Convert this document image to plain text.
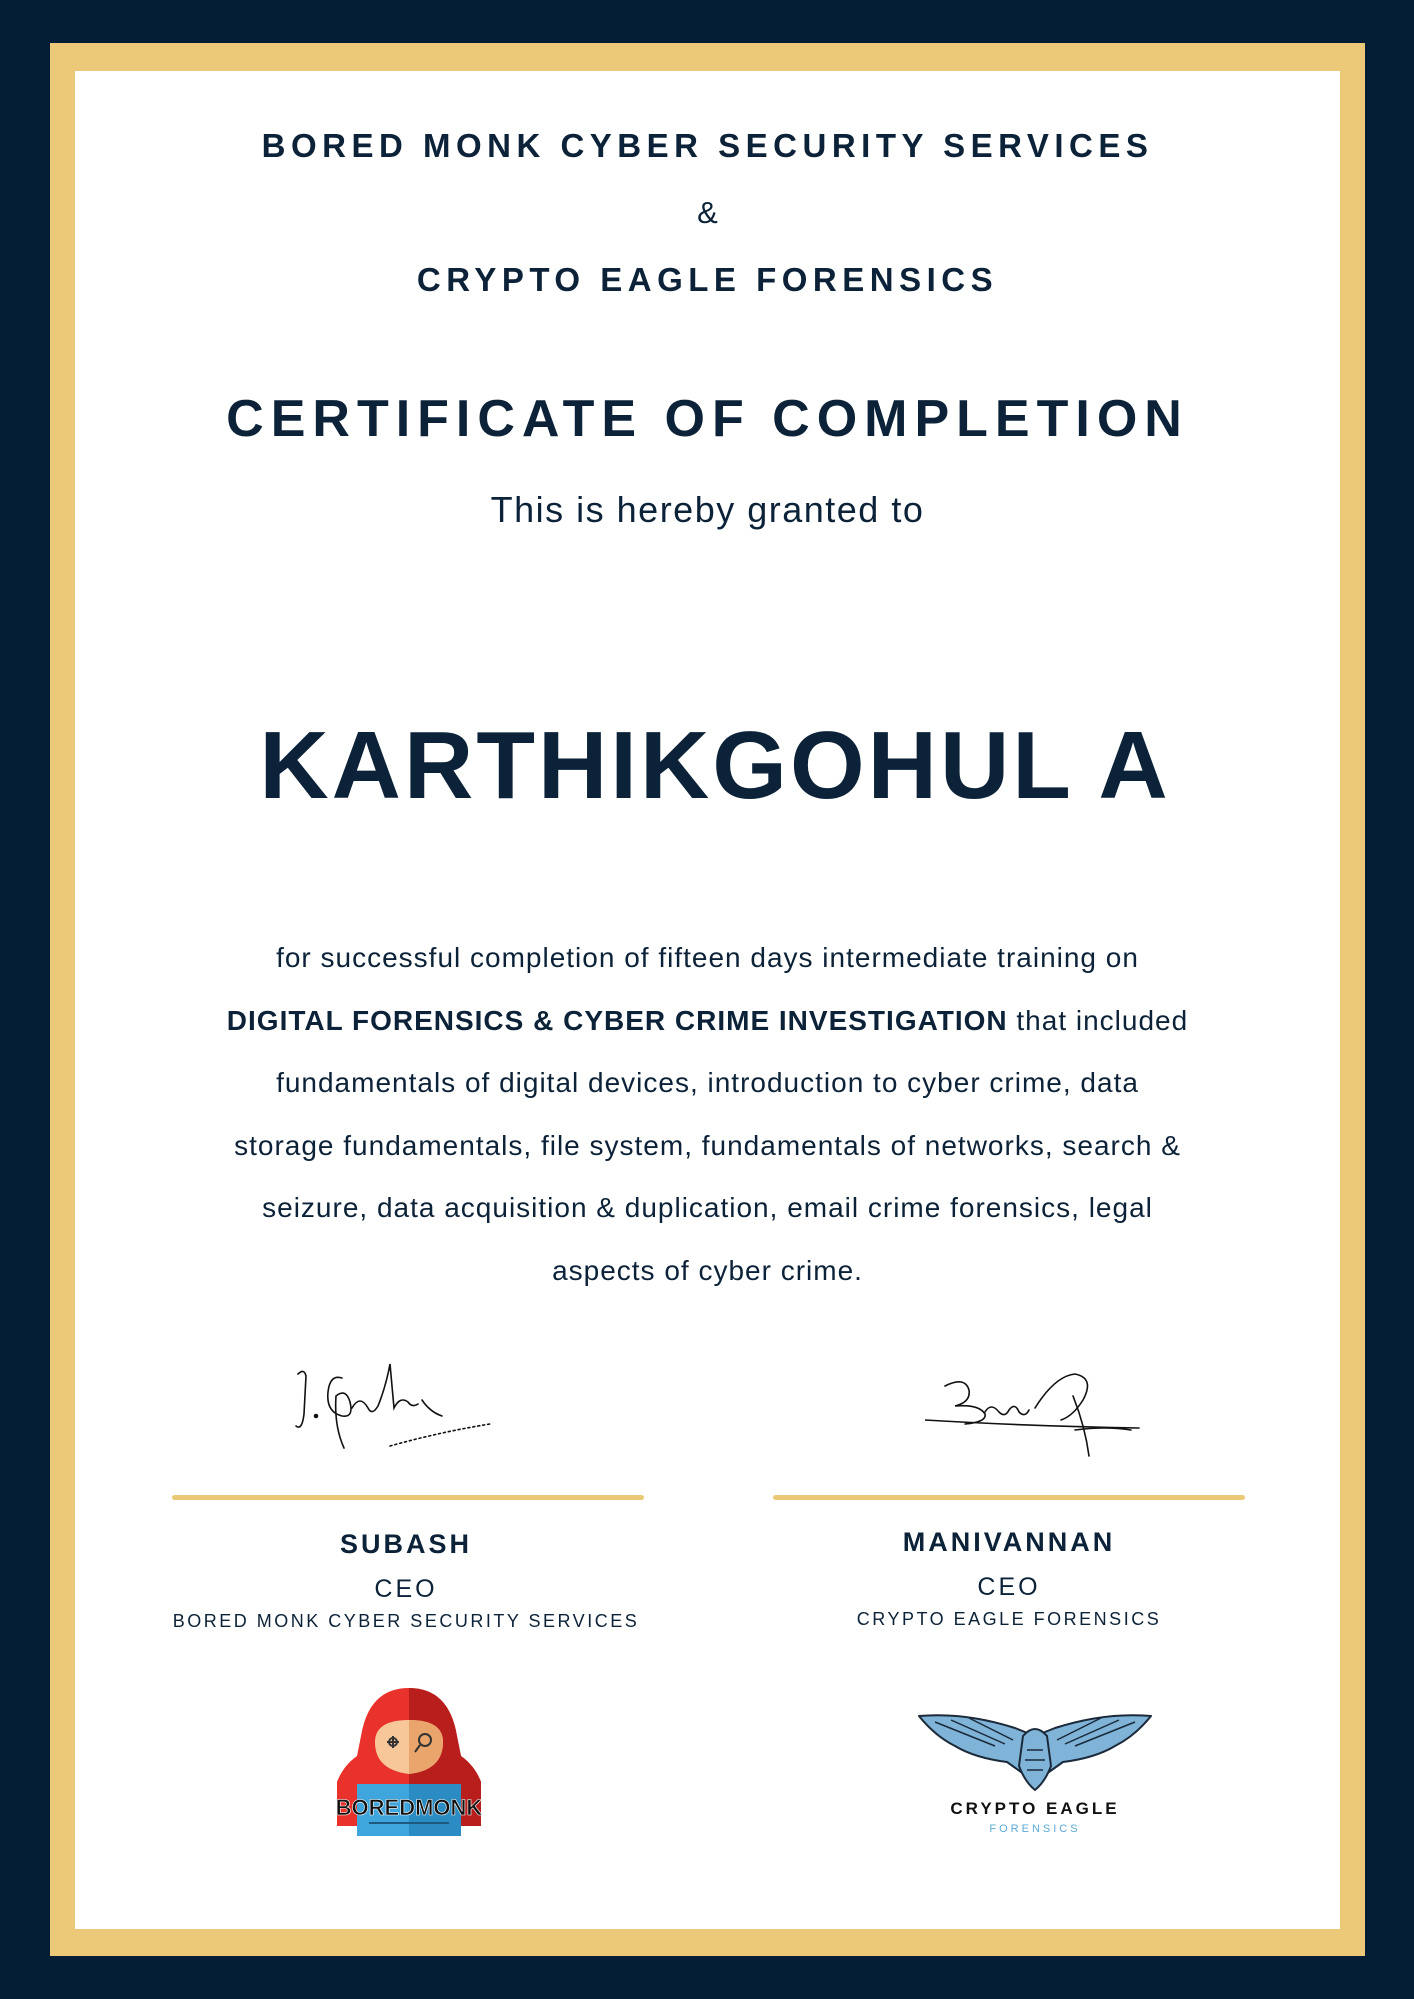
BORED MONK CYBER SECURITY SERVICES
&
CRYPTO EAGLE FORENSICS
CERTIFICATE OF COMPLETION
This is hereby granted to
KARTHIKGOHUL A
for successful completion of fifteen days intermediate training on DIGITAL FORENSICS & CYBER CRIME INVESTIGATION that included fundamentals of digital devices, introduction to cyber crime, data storage fundamentals, file system, fundamentals of networks, search & seizure, data acquisition & duplication, email crime forensics, legal aspects of cyber crime.
SUBASH
CEO
BORED MONK CYBER SECURITY SERVICES
MANIVANNAN
CEO
CRYPTO EAGLE FORENSICS
BOREDMONK	CRYPTO EAGLE
FORENSICS
